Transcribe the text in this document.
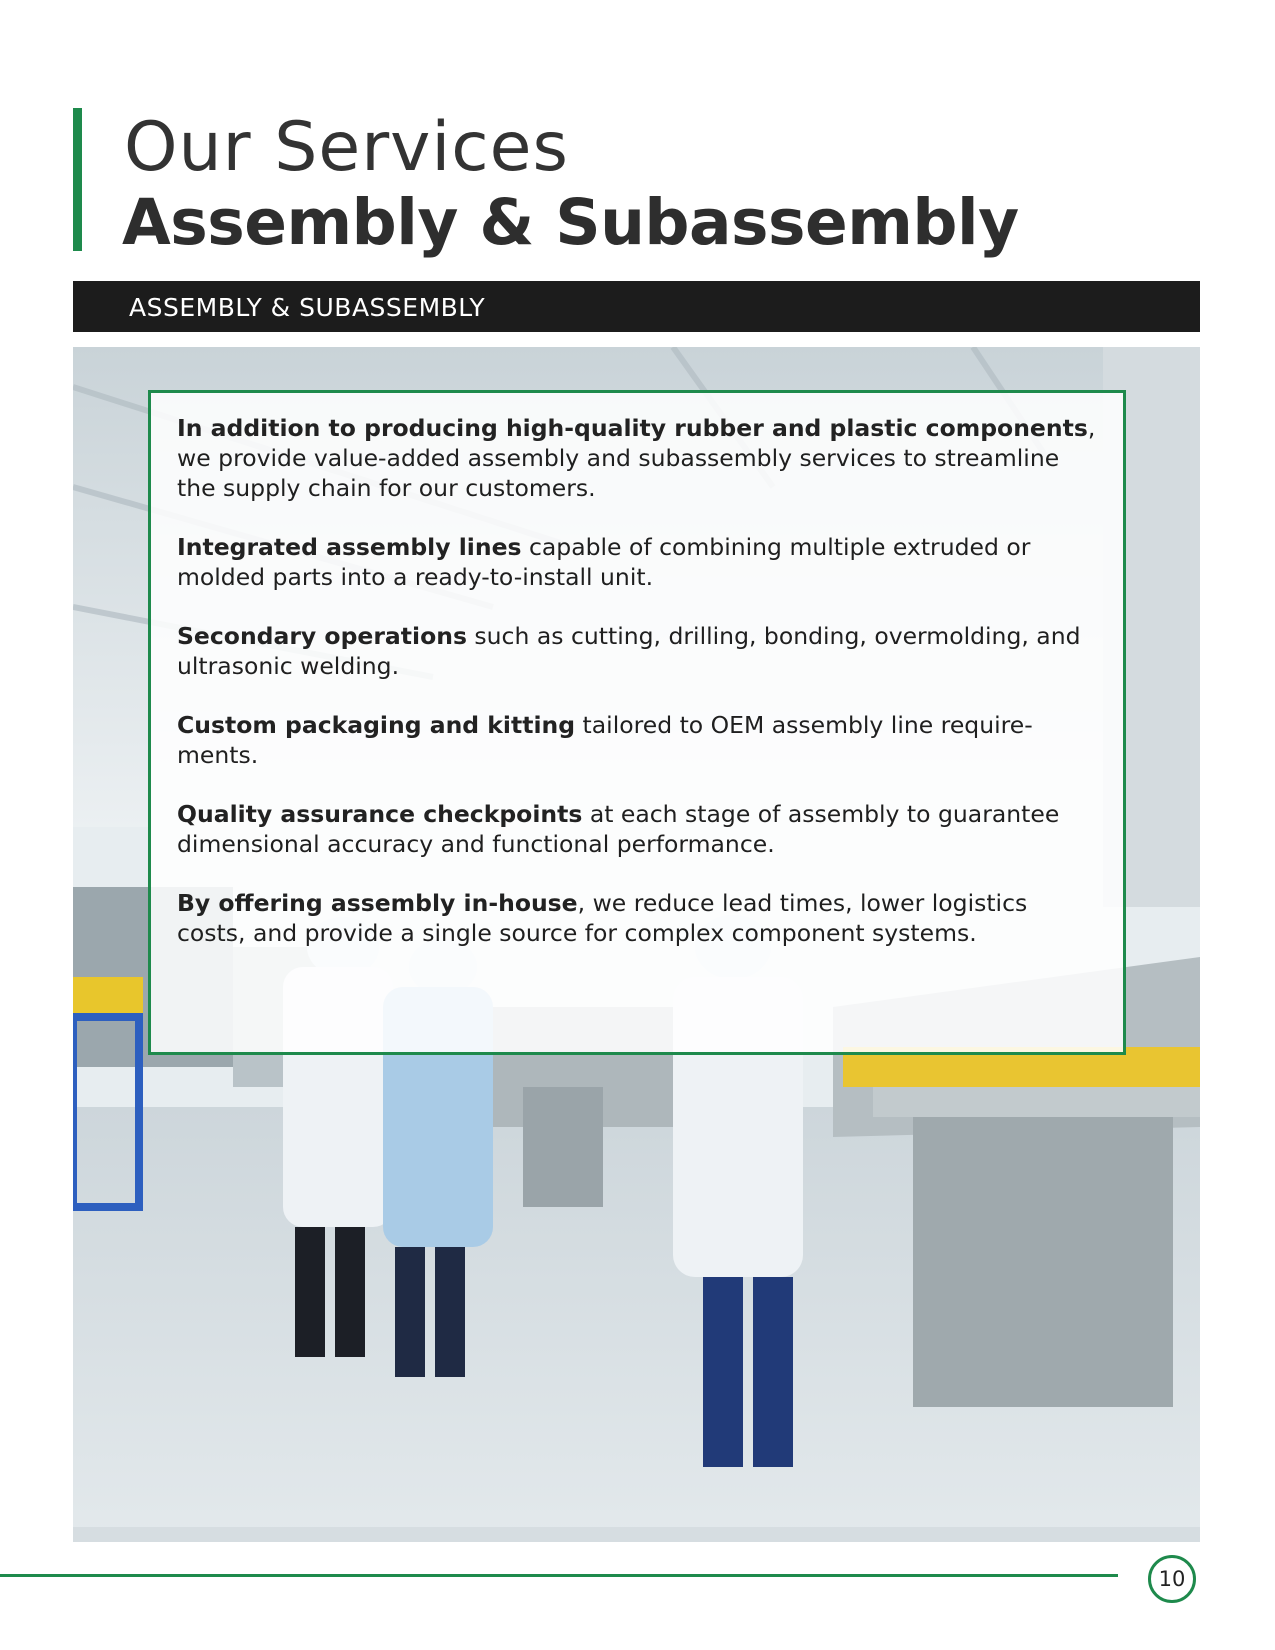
Our Services
Assembly & Subassembly
ASSEMBLY & SUBASSEMBLY

In addition to producing high-quality rubber and plastic components, we provide value-added assembly and subassembly services to streamline the supply chain for our customers.

Integrated assembly lines capable of combining multiple extruded or molded parts into a ready-to-install unit.

Secondary operations such as cutting, drilling, bonding, overmolding, and ultrasonic welding.

Custom packaging and kitting tailored to OEM assembly line require-ments.

Quality assurance checkpoints at each stage of assembly to guarantee dimensional accuracy and functional performance.

By offering assembly in-house, we reduce lead times, lower logistics costs, and provide a single source for complex component systems.

10
